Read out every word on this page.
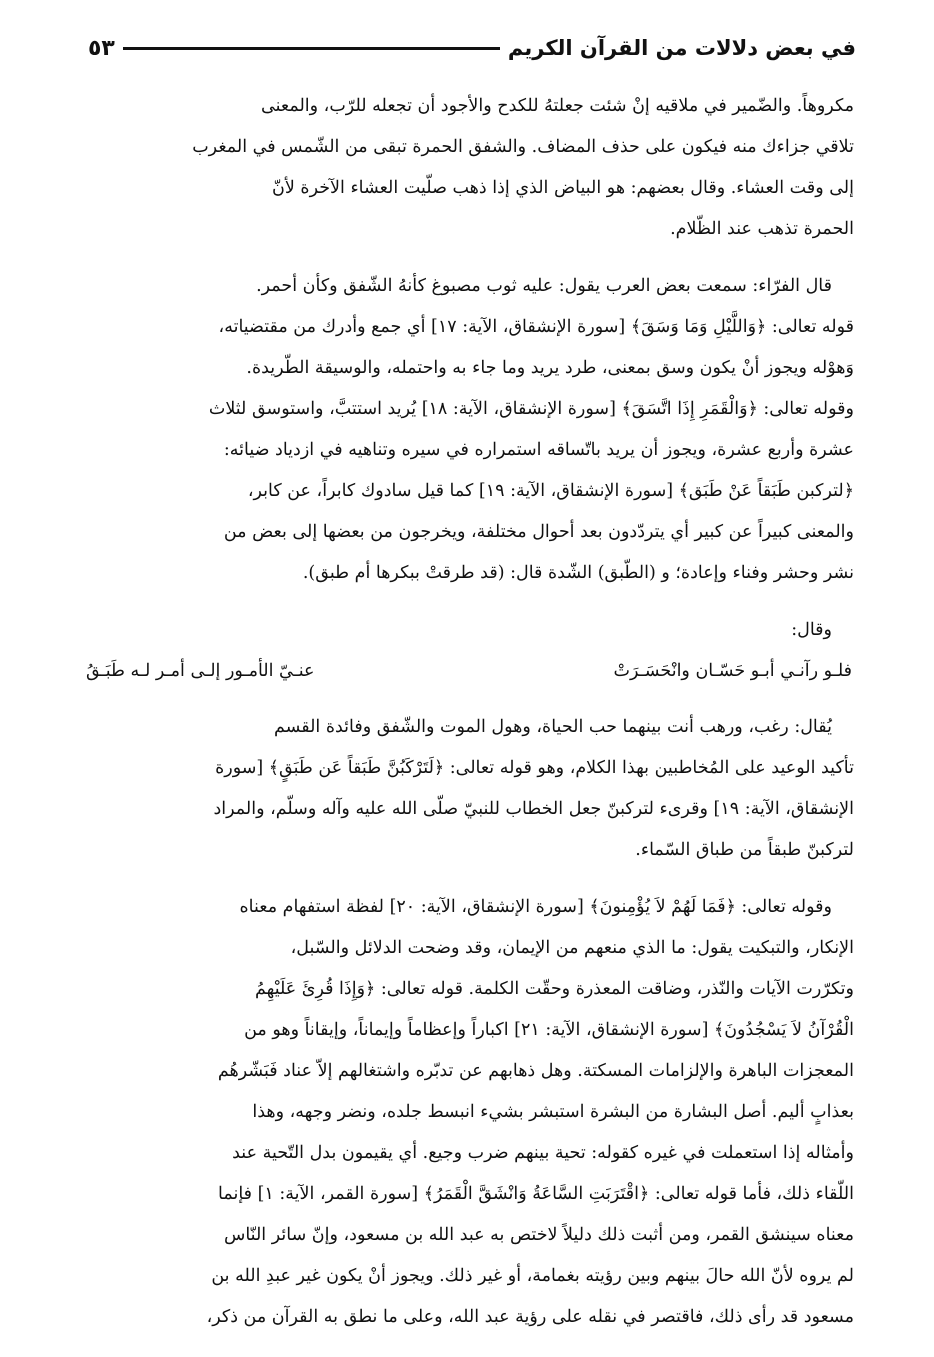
في بعض دلالات من القرآن الكريم
٥٣

مكروهاً. والضّمير في ملاقيه إنْ شئت جعلتهُ للكدح والأجود أن تجعله للرّب، والمعنى
تلاقي جزاءك منه فيكون على حذف المضاف. والشفق الحمرة تبقى من الشّمس في المغرب
إلى وقت العشاء. وقال بعضهم: هو البياض الذي إذا ذهب صلّيت العشاء الآخرة لأنّ
الحمرة تذهب عند الظّلام.

قال الفرّاء: سمعت بعض العرب يقول: عليه ثوب مصبوغ كأنهُ الشّفق وكأن أحمر.
قوله تعالى: ﴿وَاللَّيْلِ وَمَا وَسَقَ﴾ [سورة الإنشقاق، الآية: ١٧] أي جمع وأدرك من مقتضياته،
وَهوْله ويجوز أنْ يكون وسق بمعنى، طرد يريد وما جاء به واحتمله، والوسيقة الطّريدة.
وقوله تعالى: ﴿وَالْقَمَرِ إِذَا اتَّسَقَ﴾ [سورة الإنشقاق، الآية: ١٨] يُريد استتبَّ، واستوسق لثلاث
عشرة وأربع عشرة، ويجوز أن يريد باتّساقه استمراره في سيره وتناهيه في ازدياد ضيائه:
﴿لتركبن طَبَقاً عَنْ طَبَق﴾ [سورة الإنشقاق، الآية: ١٩] كما قيل سادوك كابراً، عن كابر،
والمعنى كبيراً عن كبير أي يتردّدون بعد أحوال مختلفة، ويخرجون من بعضها إلى بعض من
نشر وحشر وفناء وإعادة؛ و (الطّبق) الشّدة قال: (قد طرقتْ ببكرها أم طبق).

وقال:

فلـو رآنـي أبـو حَسّـان وانْحَسَـرَتْ
عنـيّ الأمـور إلـى أمـر لـه طَبَـقُ

يُقال: رغب، ورهب أنت بينهما حب الحياة، وهول الموت والشّفق وفائدة القسم
تأكيد الوعيد على المُخاطبين بهذا الكلام، وهو قوله تعالى: ﴿لَتَرْكَبُنَّ طَبَقاً عَن طَبَقٍ﴾ [سورة
الإنشقاق، الآية: ١٩] وقرىء لتركبنّ جعل الخطاب للنبيّ صلّى الله عليه وآله وسلّم، والمراد
لتركبنّ طبقاً من طباق السّماء.

وقوله تعالى: ﴿فَمَا لَهُمْ لاَ يُؤْمِنونَ﴾ [سورة الإنشقاق، الآية: ٢٠] لفظة استفهام معناه
الإنكار، والتبكيت يقول: ما الذي منعهم من الإيمان، وقد وضحت الدلائل والسّبل،
وتكرّرت الآيات والنّذر، وضاقت المعذرة وحقّت الكلمة. قوله تعالى: ﴿وَإِذَا قُرِئَ عَلَيْهِمُ
الْقُرْآنُ لاَ يَسْجُدُونَ﴾ [سورة الإنشقاق، الآية: ٢١] اكباراً وإعظاماً وإيماناً، وإيقاناً وهو من
المعجزات الباهرة والإلزامات المسكتة. وهل ذهابهم عن تدبّره واشتغالهم إلاّ عناد فَبَشّرهُم
بعذابٍ أليم. أصل البشارة من البشرة استبشر بشيء انبسط جلده، ونضر وجهه، وهذا
وأمثاله إذا استعملت في غيره كقوله: تحية بينهم ضرب وجيع. أي يقيمون بدل التّحية عند
اللّقاء ذلك، فأما قوله تعالى: ﴿اقْتَرَبَتِ السَّاعَةُ وَانْشَقَّ الْقَمَرُ﴾ [سورة القمر، الآية: ١] فإنما
معناه سينشق القمر، ومن أثبت ذلك دليلاً لاختص به عبد الله بن مسعود، وإنّ سائر النّاس
لم يروه لأنّ الله حالَ بينهم وبين رؤيته بغمامة، أو غير ذلك. ويجوز أنْ يكون غير عبدِ الله بن
مسعود قد رأى ذلك، فاقتصر في نقله على رؤية عبد الله، وعلى ما نطق به القرآن من ذكر،
